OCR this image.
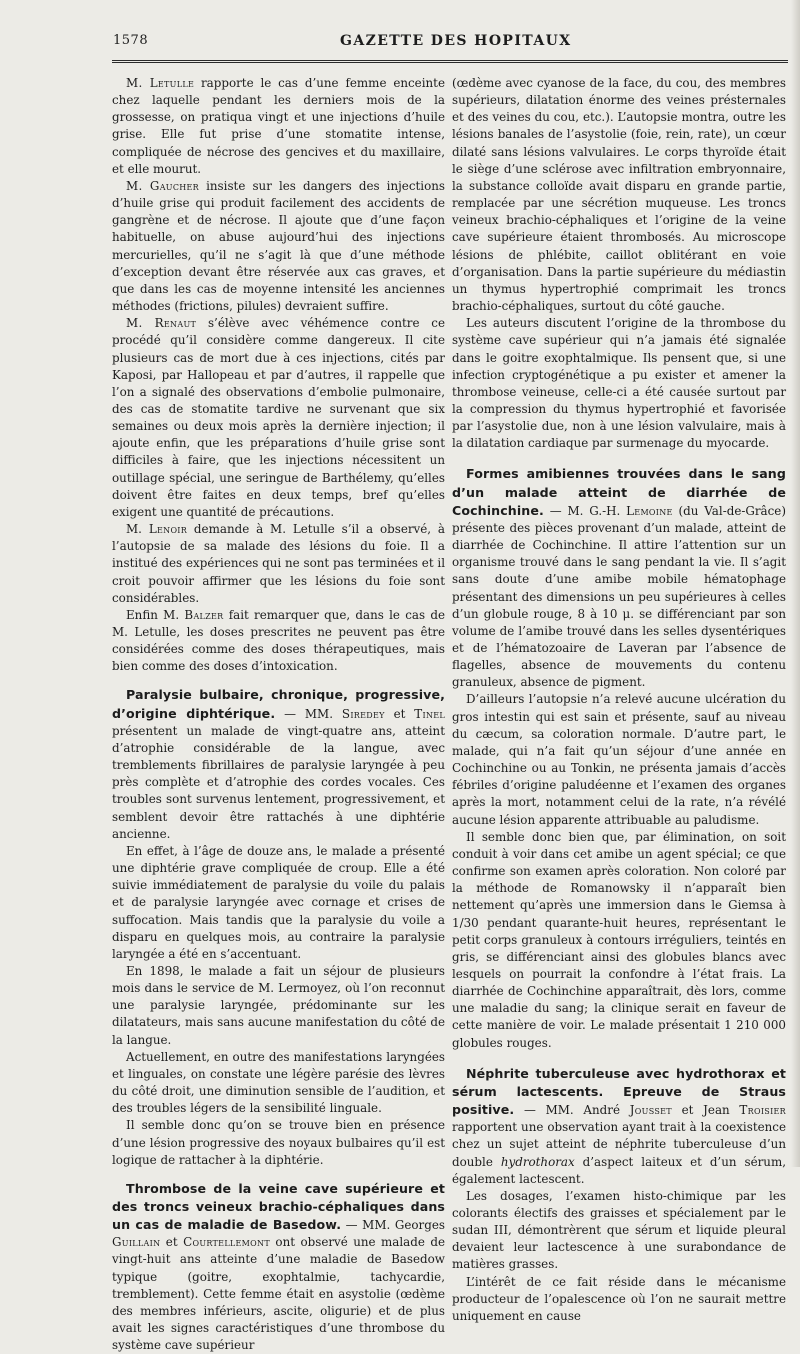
1578	GAZETTE DES HOPITAUX

M. Letulle rapporte le cas d’une femme enceinte chez laquelle pendant les derniers mois de la grossesse, on pratiqua vingt et une injections d’huile grise. Elle fut prise d’une stomatite intense, compliquée de nécrose des gencives et du maxillaire, et elle mourut.

M. Gaucher insiste sur les dangers des injections d’huile grise qui produit facilement des accidents de gangrène et de nécrose. Il ajoute que d’une façon habituelle, on abuse aujourd’hui des injections mercurielles, qu’il ne s’agit là que d’une méthode d’exception devant être réservée aux cas graves, et que dans les cas de moyenne intensité les anciennes méthodes (frictions, pilules) devraient suffire.

M. Renaut s’élève avec véhémence contre ce procédé qu’il considère comme dangereux. Il cite plusieurs cas de mort due à ces injections, cités par Kaposi, par Hallopeau et par d’autres, il rappelle que l’on a signalé des observations d’embolie pulmonaire, des cas de stomatite tardive ne survenant que six semaines ou deux mois après la dernière injection; il ajoute enfin, que les préparations d’huile grise sont difficiles à faire, que les injections nécessitent un outillage spécial, une seringue de Barthélemy, qu’elles doivent être faites en deux temps, bref qu’elles exigent une quantité de précautions.

M. Lenoir demande à M. Letulle s’il a observé, à l’autopsie de sa malade des lésions du foie. Il a institué des expériences qui ne sont pas terminées et il croit pouvoir affirmer que les lésions du foie sont considérables.

Enfin M. Balzer fait remarquer que, dans le cas de M. Letulle, les doses prescrites ne peuvent pas être considérées comme des doses thérapeutiques, mais bien comme des doses d’intoxication.

Paralysie bulbaire, chronique, progressive, d’origine diphtérique. — MM. Siredey et Tinel présentent un malade de vingt-quatre ans, atteint d’atrophie considérable de la langue, avec tremblements fibrillaires de paralysie laryngée à peu près complète et d’atrophie des cordes vocales. Ces troubles sont survenus lentement, progressivement, et semblent devoir être rattachés à une diphtérie ancienne.

En effet, à l’âge de douze ans, le malade a présenté une diphtérie grave compliquée de croup. Elle a été suivie immédiatement de paralysie du voile du palais et de paralysie laryngée avec cornage et crises de suffocation. Mais tandis que la paralysie du voile a disparu en quelques mois, au contraire la paralysie laryngée a été en s’accentuant.

En 1898, le malade a fait un séjour de plusieurs mois dans le service de M. Lermoyez, où l’on reconnut une paralysie laryngée, prédominante sur les dilatateurs, mais sans aucune manifestation du côté de la langue.

Actuellement, en outre des manifestations laryngées et linguales, on constate une légère parésie des lèvres du côté droit, une diminution sensible de l’audition, et des troubles légers de la sensibilité linguale.

Il semble donc qu’on se trouve bien en présence d’une lésion progressive des noyaux bulbaires qu’il est logique de rattacher à la diphtérie.

Thrombose de la veine cave supérieure et des troncs veineux brachio-céphaliques dans un cas de maladie de Basedow. — MM. Georges Guillain et Courtellemont ont observé une malade de vingt-huit ans atteinte d’une maladie de Basedow typique (goitre, exophtalmie, tachycardie, tremblement). Cette femme était en asystolie (œdème des membres inférieurs, ascite, oligurie) et de plus avait les signes caractéristiques d’une thrombose du système cave supérieur

(œdème avec cyanose de la face, du cou, des membres supérieurs, dilatation énorme des veines présternales et des veines du cou, etc.). L’autopsie montra, outre les lésions banales de l’asystolie (foie, rein, rate), un cœur dilaté sans lésions valvulaires. Le corps thyroïde était le siège d’une sclérose avec infiltration embryonnaire, la substance colloïde avait disparu en grande partie, remplacée par une sécrétion muqueuse. Les troncs veineux brachio-céphaliques et l’origine de la veine cave supérieure étaient thrombosés. Au microscope lésions de phlébite, caillot oblitérant en voie d’organisation. Dans la partie supérieure du médiastin un thymus hypertrophié comprimait les troncs brachio-céphaliques, surtout du côté gauche.

Les auteurs discutent l’origine de la thrombose du système cave supérieur qui n’a jamais été signalée dans le goitre exophtalmique. Ils pensent que, si une infection cryptogénétique a pu exister et amener la thrombose veineuse, celle-ci a été causée surtout par la compression du thymus hypertrophié et favorisée par l’asystolie due, non à une lésion valvulaire, mais à la dilatation cardiaque par surmenage du myocarde.

Formes amibiennes trouvées dans le sang d’un malade atteint de diarrhée de Cochinchine. — M. G.-H. Lemoine (du Val-de-Grâce) présente des pièces provenant d’un malade, atteint de diarrhée de Cochinchine. Il attire l’attention sur un organisme trouvé dans le sang pendant la vie. Il s’agit sans doute d’une amibe mobile hématophage présentant des dimensions un peu supérieures à celles d’un globule rouge, 8 à 10 μ. se différenciant par son volume de l’amibe trouvé dans les selles dysentériques et de l’hématozoaire de Laveran par l’absence de flagelles, absence de mouvements du contenu granuleux, absence de pigment.

D’ailleurs l’autopsie n’a relevé aucune ulcération du gros intestin qui est sain et présente, sauf au niveau du cæcum, sa coloration normale. D’autre part, le malade, qui n’a fait qu’un séjour d’une année en Cochinchine ou au Tonkin, ne présenta jamais d’accès fébriles d’origine paludéenne et l’examen des organes après la mort, notamment celui de la rate, n’a révélé aucune lésion apparente attribuable au paludisme.

Il semble donc bien que, par élimination, on soit conduit à voir dans cet amibe un agent spécial; ce que confirme son examen après coloration. Non coloré par la méthode de Romanowsky il n’apparaît bien nettement qu’après une immersion dans le Giemsa à 1/30 pendant quarante-huit heures, représentant le petit corps granuleux à contours irréguliers, teintés en gris, se différenciant ainsi des globules blancs avec lesquels on pourrait la confondre à l’état frais. La diarrhée de Cochinchine apparaîtrait, dès lors, comme une maladie du sang; la clinique serait en faveur de cette manière de voir. Le malade présentait 1 210 000 globules rouges.

Néphrite tuberculeuse avec hydrothorax et sérum lactescents. Epreuve de Straus positive. — MM. André Jousset et Jean Troisier rapportent une observation ayant trait à la coexistence chez un sujet atteint de néphrite tuberculeuse d’un double hydrothorax d’aspect laiteux et d’un sérum, également lactescent.

Les dosages, l’examen histo-chimique par les colorants électifs des graisses et spécialement par le sudan III, démontrèrent que sérum et liquide pleural devaient leur lactescence à une surabondance de matières grasses.

L’intérêt de ce fait réside dans le mécanisme producteur de l’opalescence où l’on ne saurait mettre uniquement en cause
